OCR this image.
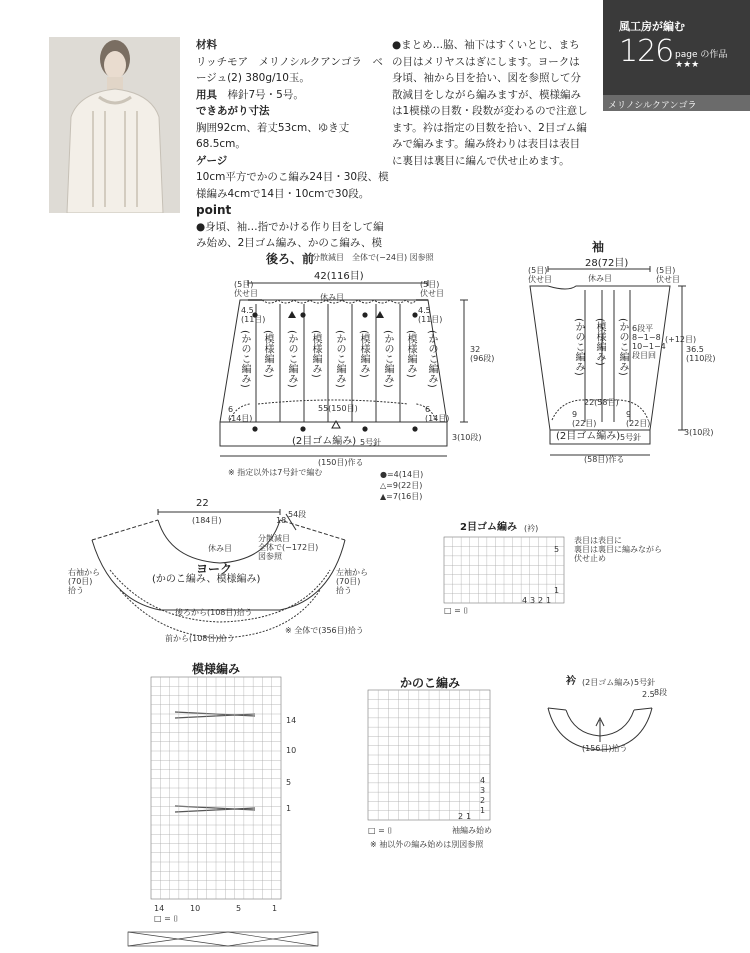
材料
リッチモア　メリノシルクアンゴラ　ベージュ(2) 380g/10玉。
用具　 棒針7号・5号。
できあがり寸法
胸囲92cm、着丈53cm、ゆき丈68.5cm。
ゲージ
10cm平方でかのこ編み24目・30段、模様編み4cmで14目・10cmで30段。
point
●身頃、袖…指でかける作り目をして編み始め、2目ゴム編み、かのこ編み、模
●まとめ…脇、袖下はすくいとじ、まちの目はメリヤスはぎにします。ヨークは身頃、袖から目を拾い、図を参照して分散減目をしながら編みますが、模様編みは1模様の目数・段数が変わるので注意します。衿は指定の目数を拾い、2目ゴム編みで編みます。編み終わりは表目は表目に裏目は裏目に編んで伏せ止めます。
風工房が編む
126 page の作品 ★★★
メリノシルクアンゴラ
後ろ、前
分散減目　全体で(−24目) 図参照
42(116目)
(5目)
伏せ目
(5目)
伏せ目
休み目
4.5
(11目)
4.5
(11目)
(かのこ編み) (模様編み) (かのこ編み) (模様編み) (かのこ編み) (模様編み) (かのこ編み) (模様編み) (かのこ編み)	32
(96段)
55(150目)
6
(14目)
6
(14目)
(2目ゴム編み) 5号針
3(10段)
(150目)作る
※ 指定以外は7号針で編む	●=4(14目)
△=9(22目)
▲=7(16目)
袖
28(72目)
休み目
(5目)
伏せ目
(5目)
伏せ目
(かのこ編み) (模様編み) (かのこ編み) 6段平
8−1−8
10−1−4
段目回
(+12目)
36.5
(110段)
22(58目)
9
(22目)
9
(22目)
(2目ゴム編み) 5号針
3(10段)
(58目)作る
22
(184目)	18
54段
休み目
分散減目
全体で(−172目)
図参照
ヨーク
(かのこ編み、模様編み)
右袖から
(70目)
拾う
左袖から
(70目)
拾う
後ろから(108目)拾う
前から(108目)拾う
※ 全体で(356目)拾う
2目ゴム編み (衿)
表目は表目に
裏目は裏目に編みながら
伏せ止め
5
1
4 3 2 1
□ = ⌷
模様編み
14
10
5
1
14	10	5	1
□ = ⌷
かのこ編み
4
3
2
1
2 1
□ = ⌷	袖編み始め
※ 袖以外の編み始めは別図参照
衿 (2目ゴム編み) 5号針
2.5 8段
(156目)拾う
